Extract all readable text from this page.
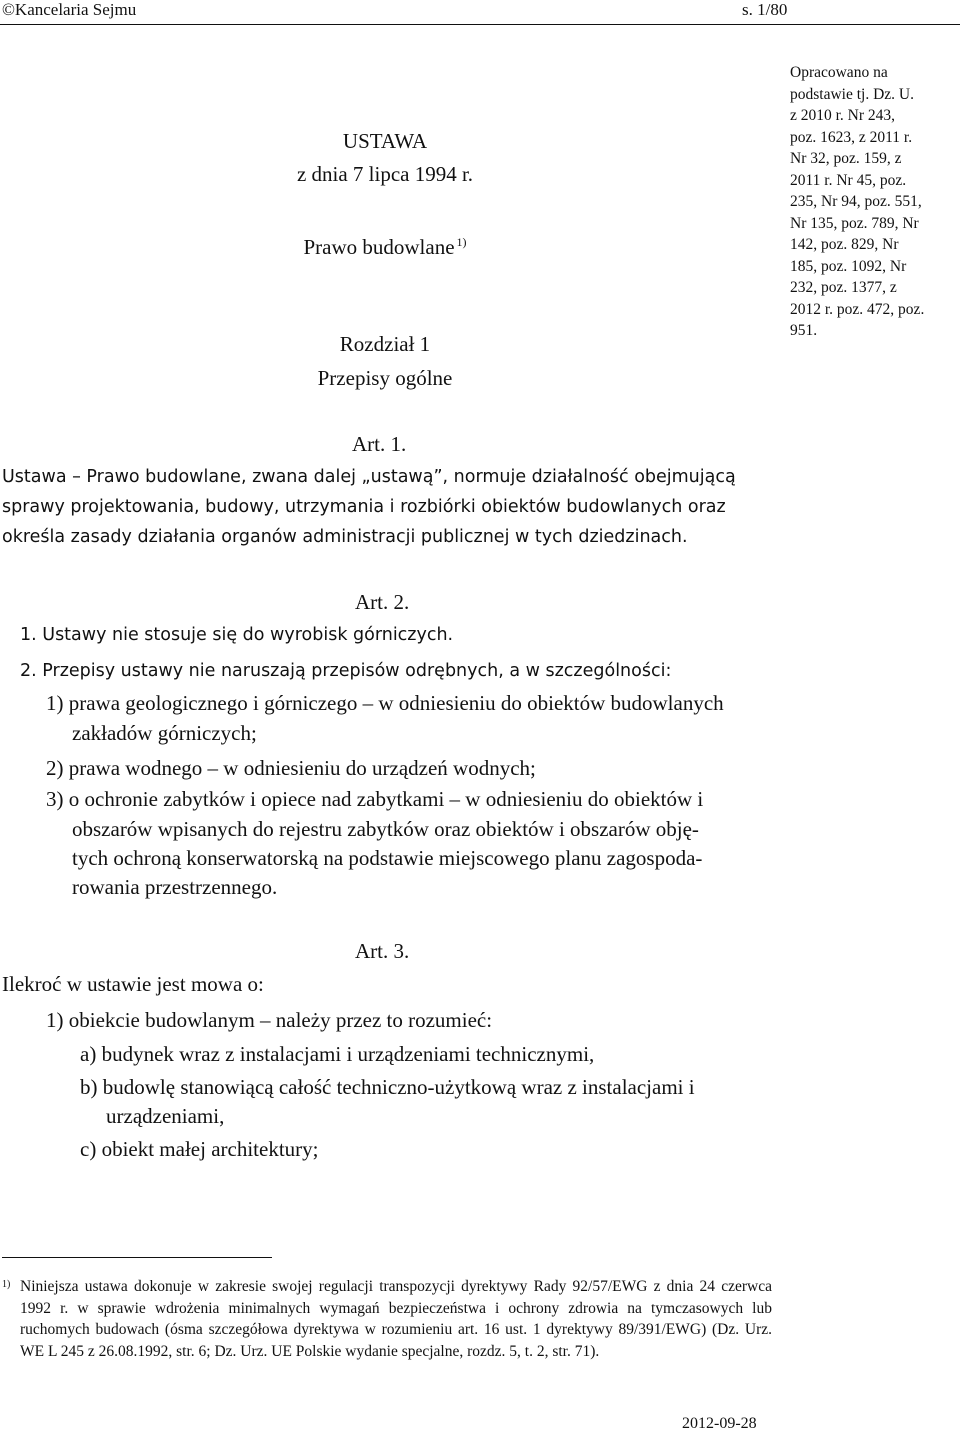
©Kancelaria Sejmu	s. 1/80
USTAWA
z dnia 7 lipca 1994 r.
Prawo budowlane $^{1)}$
Rozdział 1
Przepisy ogólne
Opracowano na
podstawie tj. Dz. U.
z 2010 r. Nr 243,
poz. 1623, z 2011 r.
Nr 32, poz. 159, z
2011 r. Nr 45, poz.
235, Nr 94, poz. 551,
Nr 135, poz. 789, Nr
142, poz. 829, Nr
185, poz. 1092, Nr
232, poz. 1377, z
2012 r. poz. 472, poz.
951.
Art. 1.
Ustawa – Prawo budowlane, zwana dalej „ustawą”, normuje działalność obejmującą
sprawy projektowania, budowy, utrzymania i rozbiórki obiektów budowlanych oraz
określa zasady działania organów administracji publicznej w tych dziedzinach.
Art. 2.
1. Ustawy nie stosuje się do wyrobisk górniczych.
2. Przepisy ustawy nie naruszają przepisów odrębnych, a w szczególności:
1) prawa geologicznego i górniczego – w odniesieniu do obiektów budowlanych
zakładów górniczych;
2) prawa wodnego – w odniesieniu do urządzeń wodnych;
3) o ochronie zabytków i opiece nad zabytkami – w odniesieniu do obiektów i
obszarów wpisanych do rejestru zabytków oraz obiektów i obszarów obję-
tych ochroną konserwatorską na podstawie miejscowego planu zagospoda-
rowania przestrzennego.
Art. 3.
Ilekroć w ustawie jest mowa o:
1) obiekcie budowlanym – należy przez to rozumieć:
a) budynek wraz z instalacjami i urządzeniami technicznymi,
b) budowlę stanowiącą całość techniczno-użytkową wraz z instalacjami i
urządzeniami,
c) obiekt małej architektury;
1) Niniejsza ustawa dokonuje w zakresie swojej regulacji transpozycji dyrektywy Rady 92/57/EWG z dnia 24 czerwca 1992 r. w sprawie wdrożenia minimalnych wymagań bezpieczeństwa i ochrony zdrowia na tymczasowych lub ruchomych budowach (ósma szczegółowa dyrektywa w rozumieniu art. 16 ust. 1 dyrektywy 89/391/EWG) (Dz. Urz. WE L 245 z 26.08.1992, str. 6; Dz. Urz. UE Polskie wydanie specjalne, rozdz. 5, t. 2, str. 71).
2012-09-28
